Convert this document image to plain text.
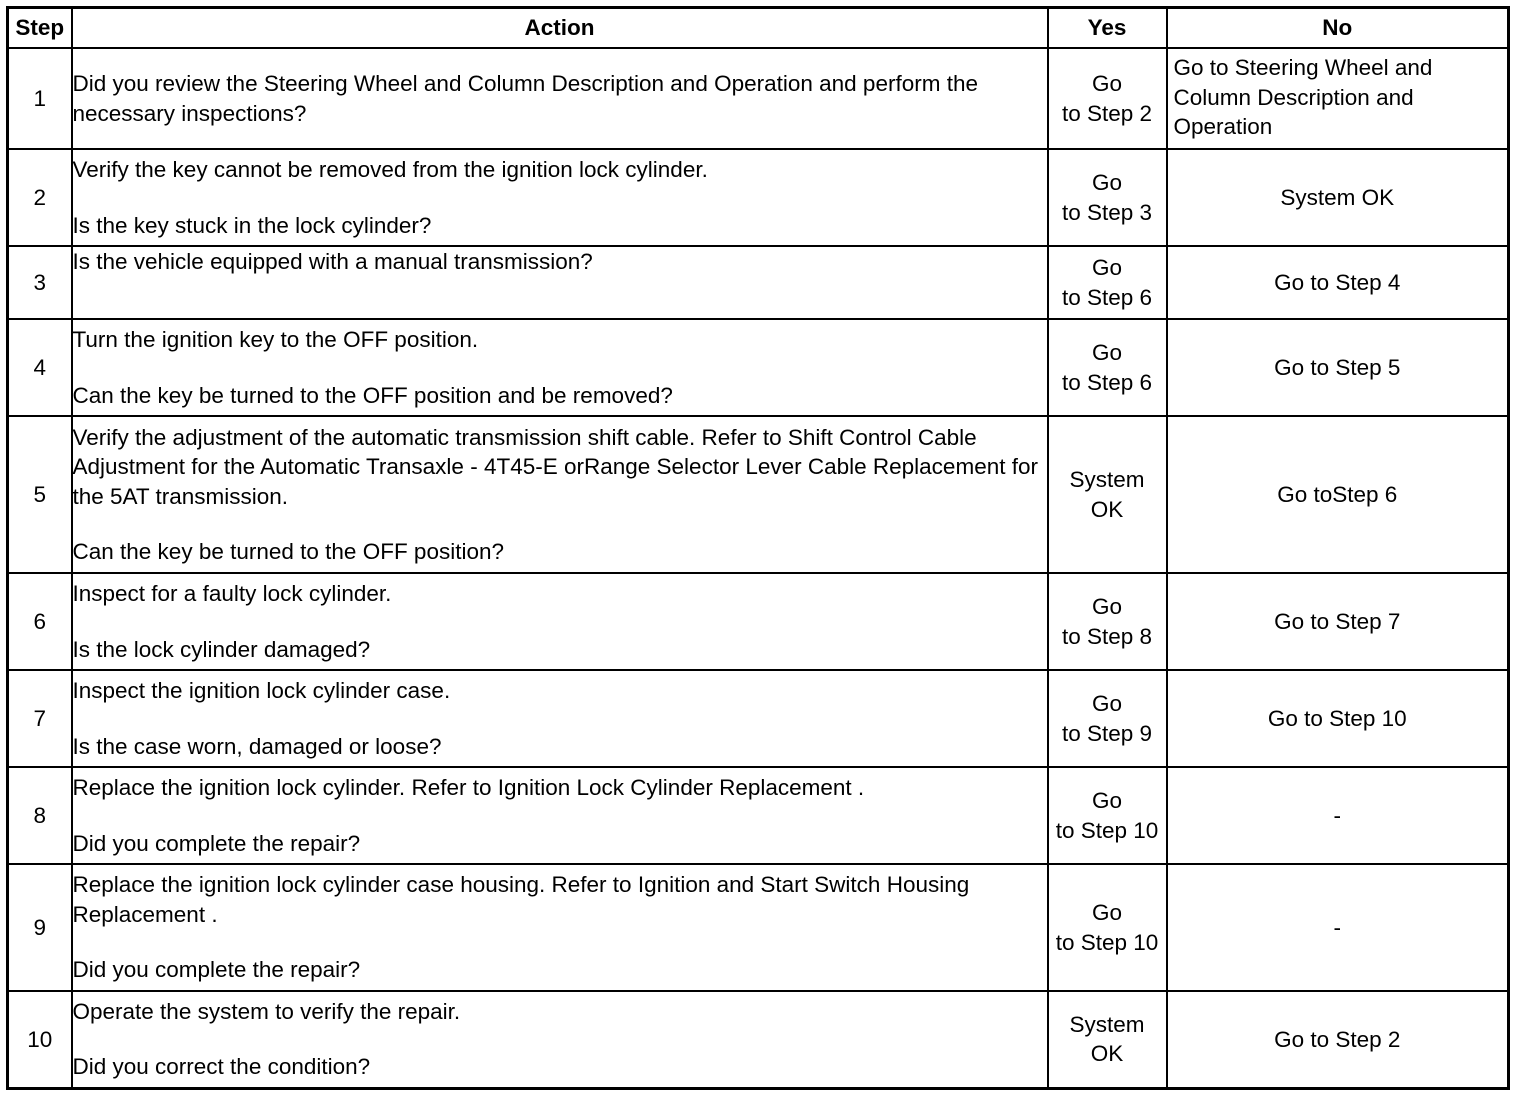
Step	Action	Yes	No
1	Did you review the Steering Wheel and Column Description and Operation and perform the necessary inspections?	Go
to Step 2	Go to Steering Wheel and Column Description and Operation
2	Verify the key cannot be removed from the ignition lock cylinder.
Is the key stuck in the lock cylinder?	Go
to Step 3	System OK
3	Is the vehicle equipped with a manual transmission?	Go
to Step 6	Go to Step 4
4	Turn the ignition key to the OFF position.
Can the key be turned to the OFF position and be removed?	Go
to Step 6	Go to Step 5
5	Verify the adjustment of the automatic transmission shift cable. Refer to Shift Control Cable Adjustment for the Automatic Transaxle - 4T45-E orRange Selector Lever Cable Replacement for the 5AT transmission.
Can the key be turned to the OFF position?	System
OK	Go toStep 6
6	Inspect for a faulty lock cylinder.
Is the lock cylinder damaged?	Go
to Step 8	Go to Step 7
7	Inspect the ignition lock cylinder case.
Is the case worn, damaged or loose?	Go
to Step 9	Go to Step 10
8	Replace the ignition lock cylinder. Refer to Ignition Lock Cylinder Replacement .
Did you complete the repair?	Go
to Step 10	-
9	Replace the ignition lock cylinder case housing. Refer to Ignition and Start Switch Housing Replacement .
Did you complete the repair?	Go
to Step 10	-
10	Operate the system to verify the repair.
Did you correct the condition?	System
OK	Go to Step 2
